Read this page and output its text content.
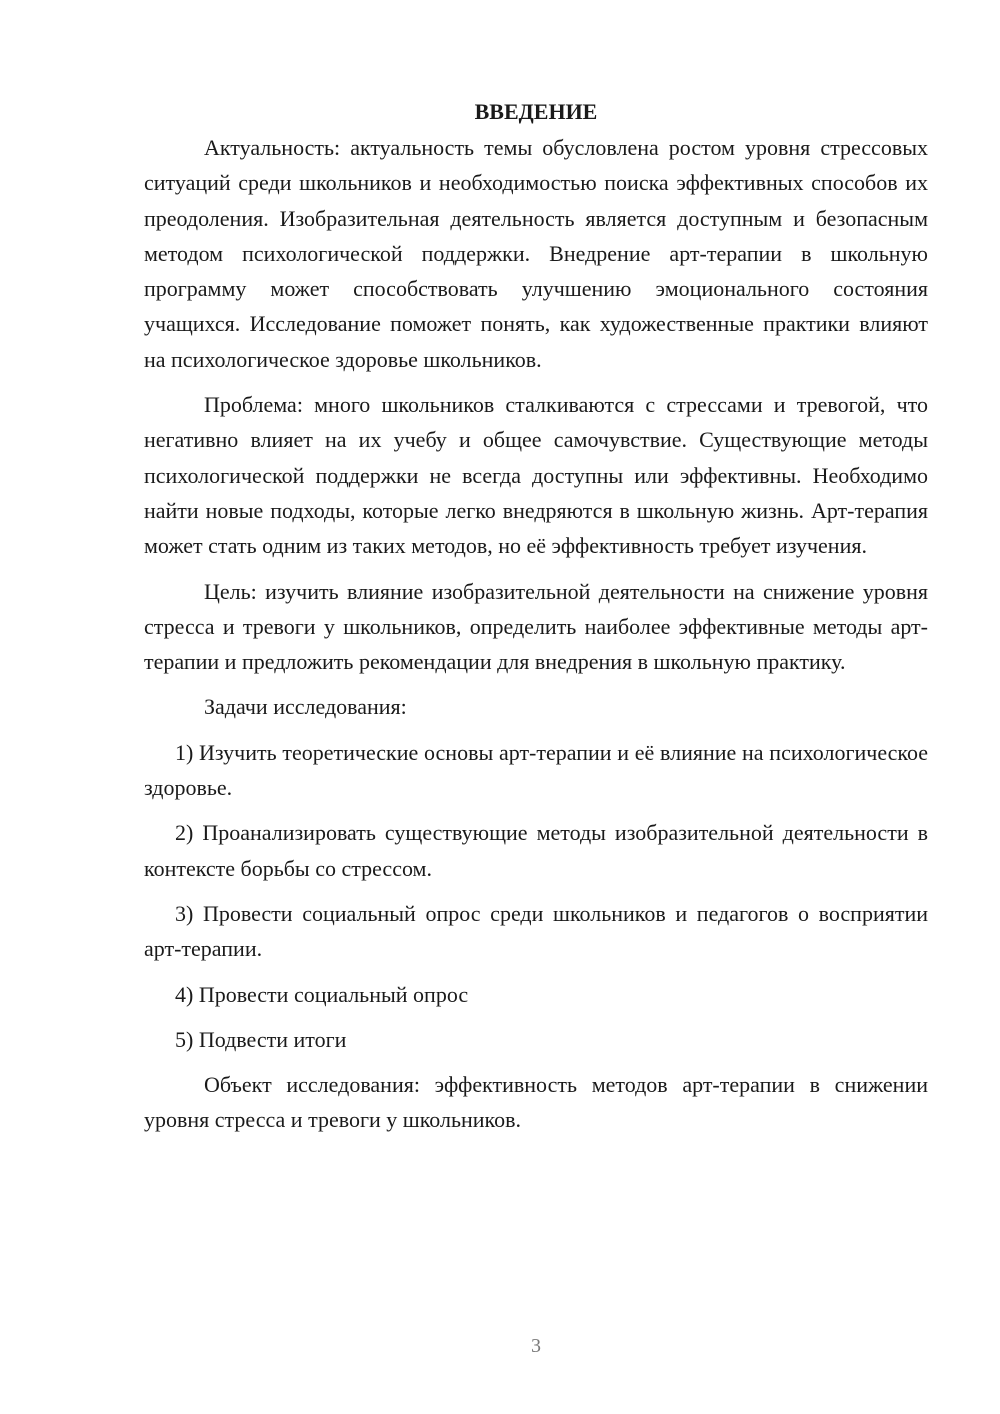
ВВЕДЕНИЕ

Актуальность: актуальность темы обусловлена ростом уровня стрессовых ситуаций среди школьников и необходимостью поиска эффективных способов их преодоления. Изобразительная деятельность является доступным и безопасным методом психологической поддержки. Внедрение арт-терапии в школьную программу может способствовать улучшению эмоционального состояния учащихся. Исследование поможет понять, как художественные практики влияют на психологическое здоровье школьников.

Проблема: много школьников сталкиваются с стрессами и тревогой, что негативно влияет на их учебу и общее самочувствие. Существующие методы психологической поддержки не всегда доступны или эффективны. Необходимо найти новые подходы, которые легко внедряются в школьную жизнь. Арт-терапия может стать одним из таких методов, но её эффективность требует изучения.

Цель: изучить влияние изобразительной деятельности на снижение уровня стресса и тревоги у школьников, определить наиболее эффективные методы арт-терапии и предложить рекомендации для внедрения в школьную практику.

Задачи исследования:

1) Изучить теоретические основы арт-терапии и её влияние на психологическое здоровье.

2) Проанализировать существующие методы изобразительной деятельности в контексте борьбы со стрессом.

3) Провести социальный опрос среди школьников и педагогов о восприятии арт-терапии.

4) Провести социальный опрос

5) Подвести итоги

Объект исследования: эффективность методов арт-терапии в снижении уровня стресса и тревоги у школьников.

3
